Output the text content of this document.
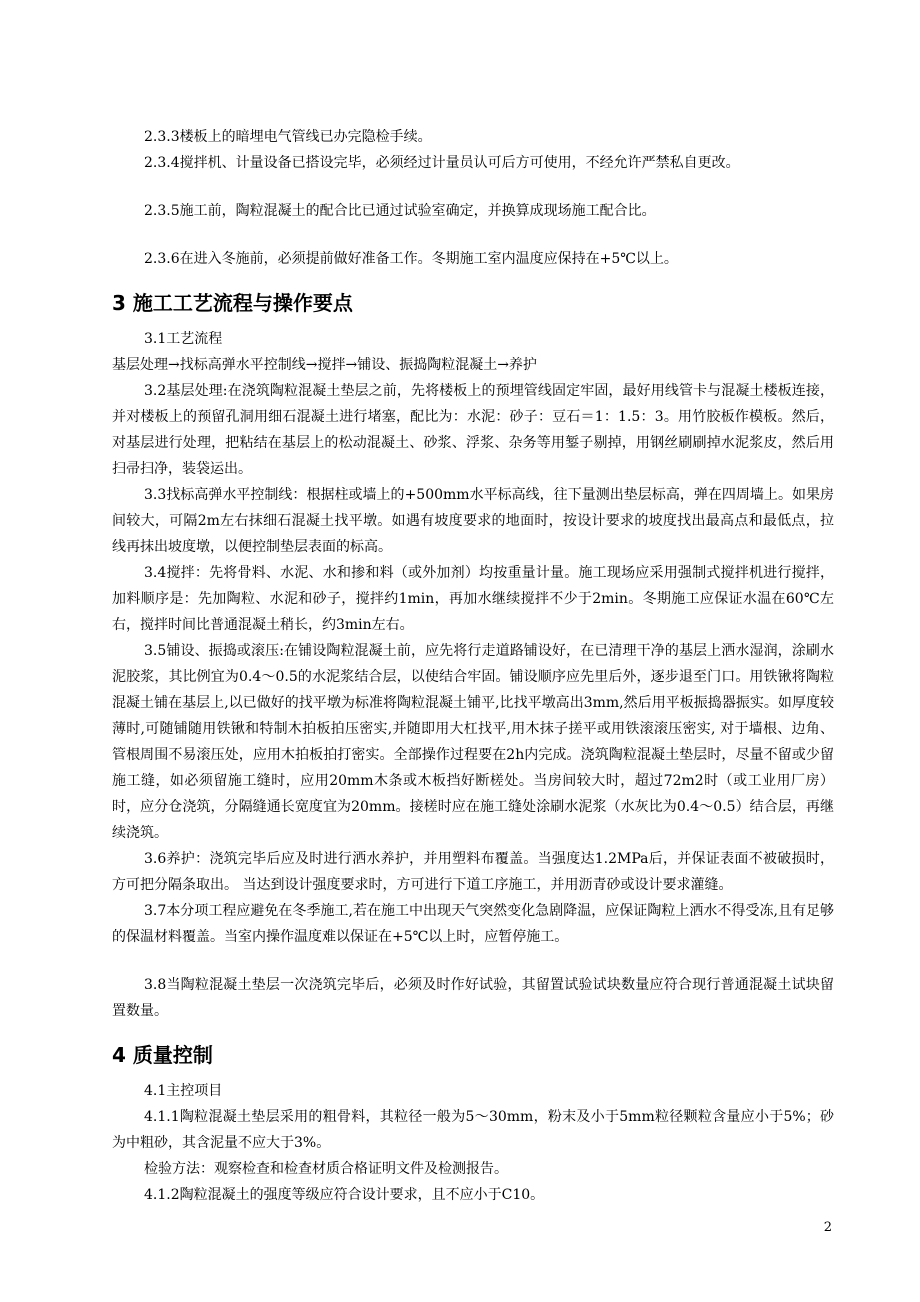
2.3.3楼板上的暗埋电气管线已办完隐检手续。

2.3.4搅拌机、计量设备已搭设完毕，必须经过计量员认可后方可使用，不经允许严禁私自更改。

2.3.5施工前，陶粒混凝土的配合比已通过试验室确定，并换算成现场施工配合比。

2.3.6在进入冬施前，必须提前做好准备工作。冬期施工室内温度应保持在+5℃以上。

3 施工工艺流程与操作要点

3.1工艺流程

基层处理→找标高弹水平控制线→搅拌→铺设、振捣陶粒混凝土→养护

3.2基层处理:在浇筑陶粒混凝土垫层之前，先将楼板上的预埋管线固定牢固，最好用线管卡与混凝土楼板连接，并对楼板上的预留孔洞用细石混凝土进行堵塞，配比为：水泥：砂子：豆石＝1：1.5：3。用竹胶板作模板。然后，对基层进行处理，把粘结在基层上的松动混凝土、砂浆、浮浆、杂务等用錾子剔掉，用钢丝刷刷掉水泥浆皮，然后用扫帚扫净，装袋运出。

3.3找标高弹水平控制线：根据柱或墙上的+500mm水平标高线，往下量测出垫层标高，弹在四周墙上。如果房间较大，可隔2m左右抹细石混凝土找平墩。如遇有坡度要求的地面时，按设计要求的坡度找出最高点和最低点，拉线再抹出坡度墩，以便控制垫层表面的标高。

3.4搅拌：先将骨料、水泥、水和掺和料（或外加剂）均按重量计量。施工现场应采用强制式搅拌机进行搅拌，加料顺序是：先加陶粒、水泥和砂子，搅拌约1min，再加水继续搅拌不少于2min。冬期施工应保证水温在60℃左右，搅拌时间比普通混凝土稍长，约3min左右。

3.5铺设、振捣或滚压:在铺设陶粒混凝土前，应先将行走道路铺设好，在已清理干净的基层上洒水湿润，涂刷水泥胶浆，其比例宜为0.4～0.5的水泥浆结合层，以使结合牢固。铺设顺序应先里后外，逐步退至门口。用铁锹将陶粒混凝土铺在基层上,以已做好的找平墩为标准将陶粒混凝土铺平,比找平墩高出3mm,然后用平板振捣器振实。如厚度较薄时,可随铺随用铁锹和特制木拍板拍压密实,并随即用大杠找平,用木抹子搓平或用铁滚滚压密实, 对于墙根、边角、管根周围不易滚压处，应用木拍板拍打密实。全部操作过程要在2h内完成。浇筑陶粒混凝土垫层时，尽量不留或少留施工缝，如必须留施工缝时，应用20mm木条或木板挡好断槎处。当房间较大时，超过72m2时（或工业用厂房）时，应分仓浇筑，分隔缝通长宽度宜为20mm。接槎时应在施工缝处涂刷水泥浆（水灰比为0.4～0.5）结合层，再继续浇筑。

3.6养护：浇筑完毕后应及时进行洒水养护，并用塑料布覆盖。当强度达1.2MPa后，并保证表面不被破损时，方可把分隔条取出。 当达到设计强度要求时，方可进行下道工序施工，并用沥青砂或设计要求灌缝。

3.7本分项工程应避免在冬季施工,若在施工中出现天气突然变化急剧降温，应保证陶粒上洒水不得受冻,且有足够的保温材料覆盖。当室内操作温度难以保证在+5℃以上时，应暂停施工。

3.8当陶粒混凝土垫层一次浇筑完毕后，必须及时作好试验，其留置试验试块数量应符合现行普通混凝土试块留置数量。

4 质量控制

4.1主控项目

4.1.1陶粒混凝土垫层采用的粗骨料，其粒径一般为5～30mm，粉末及小于5mm粒径颗粒含量应小于5%；砂为中粗砂，其含泥量不应大于3%。

检验方法：观察检查和检查材质合格证明文件及检测报告。

4.1.2陶粒混凝土的强度等级应符合设计要求，且不应小于C10。

2
